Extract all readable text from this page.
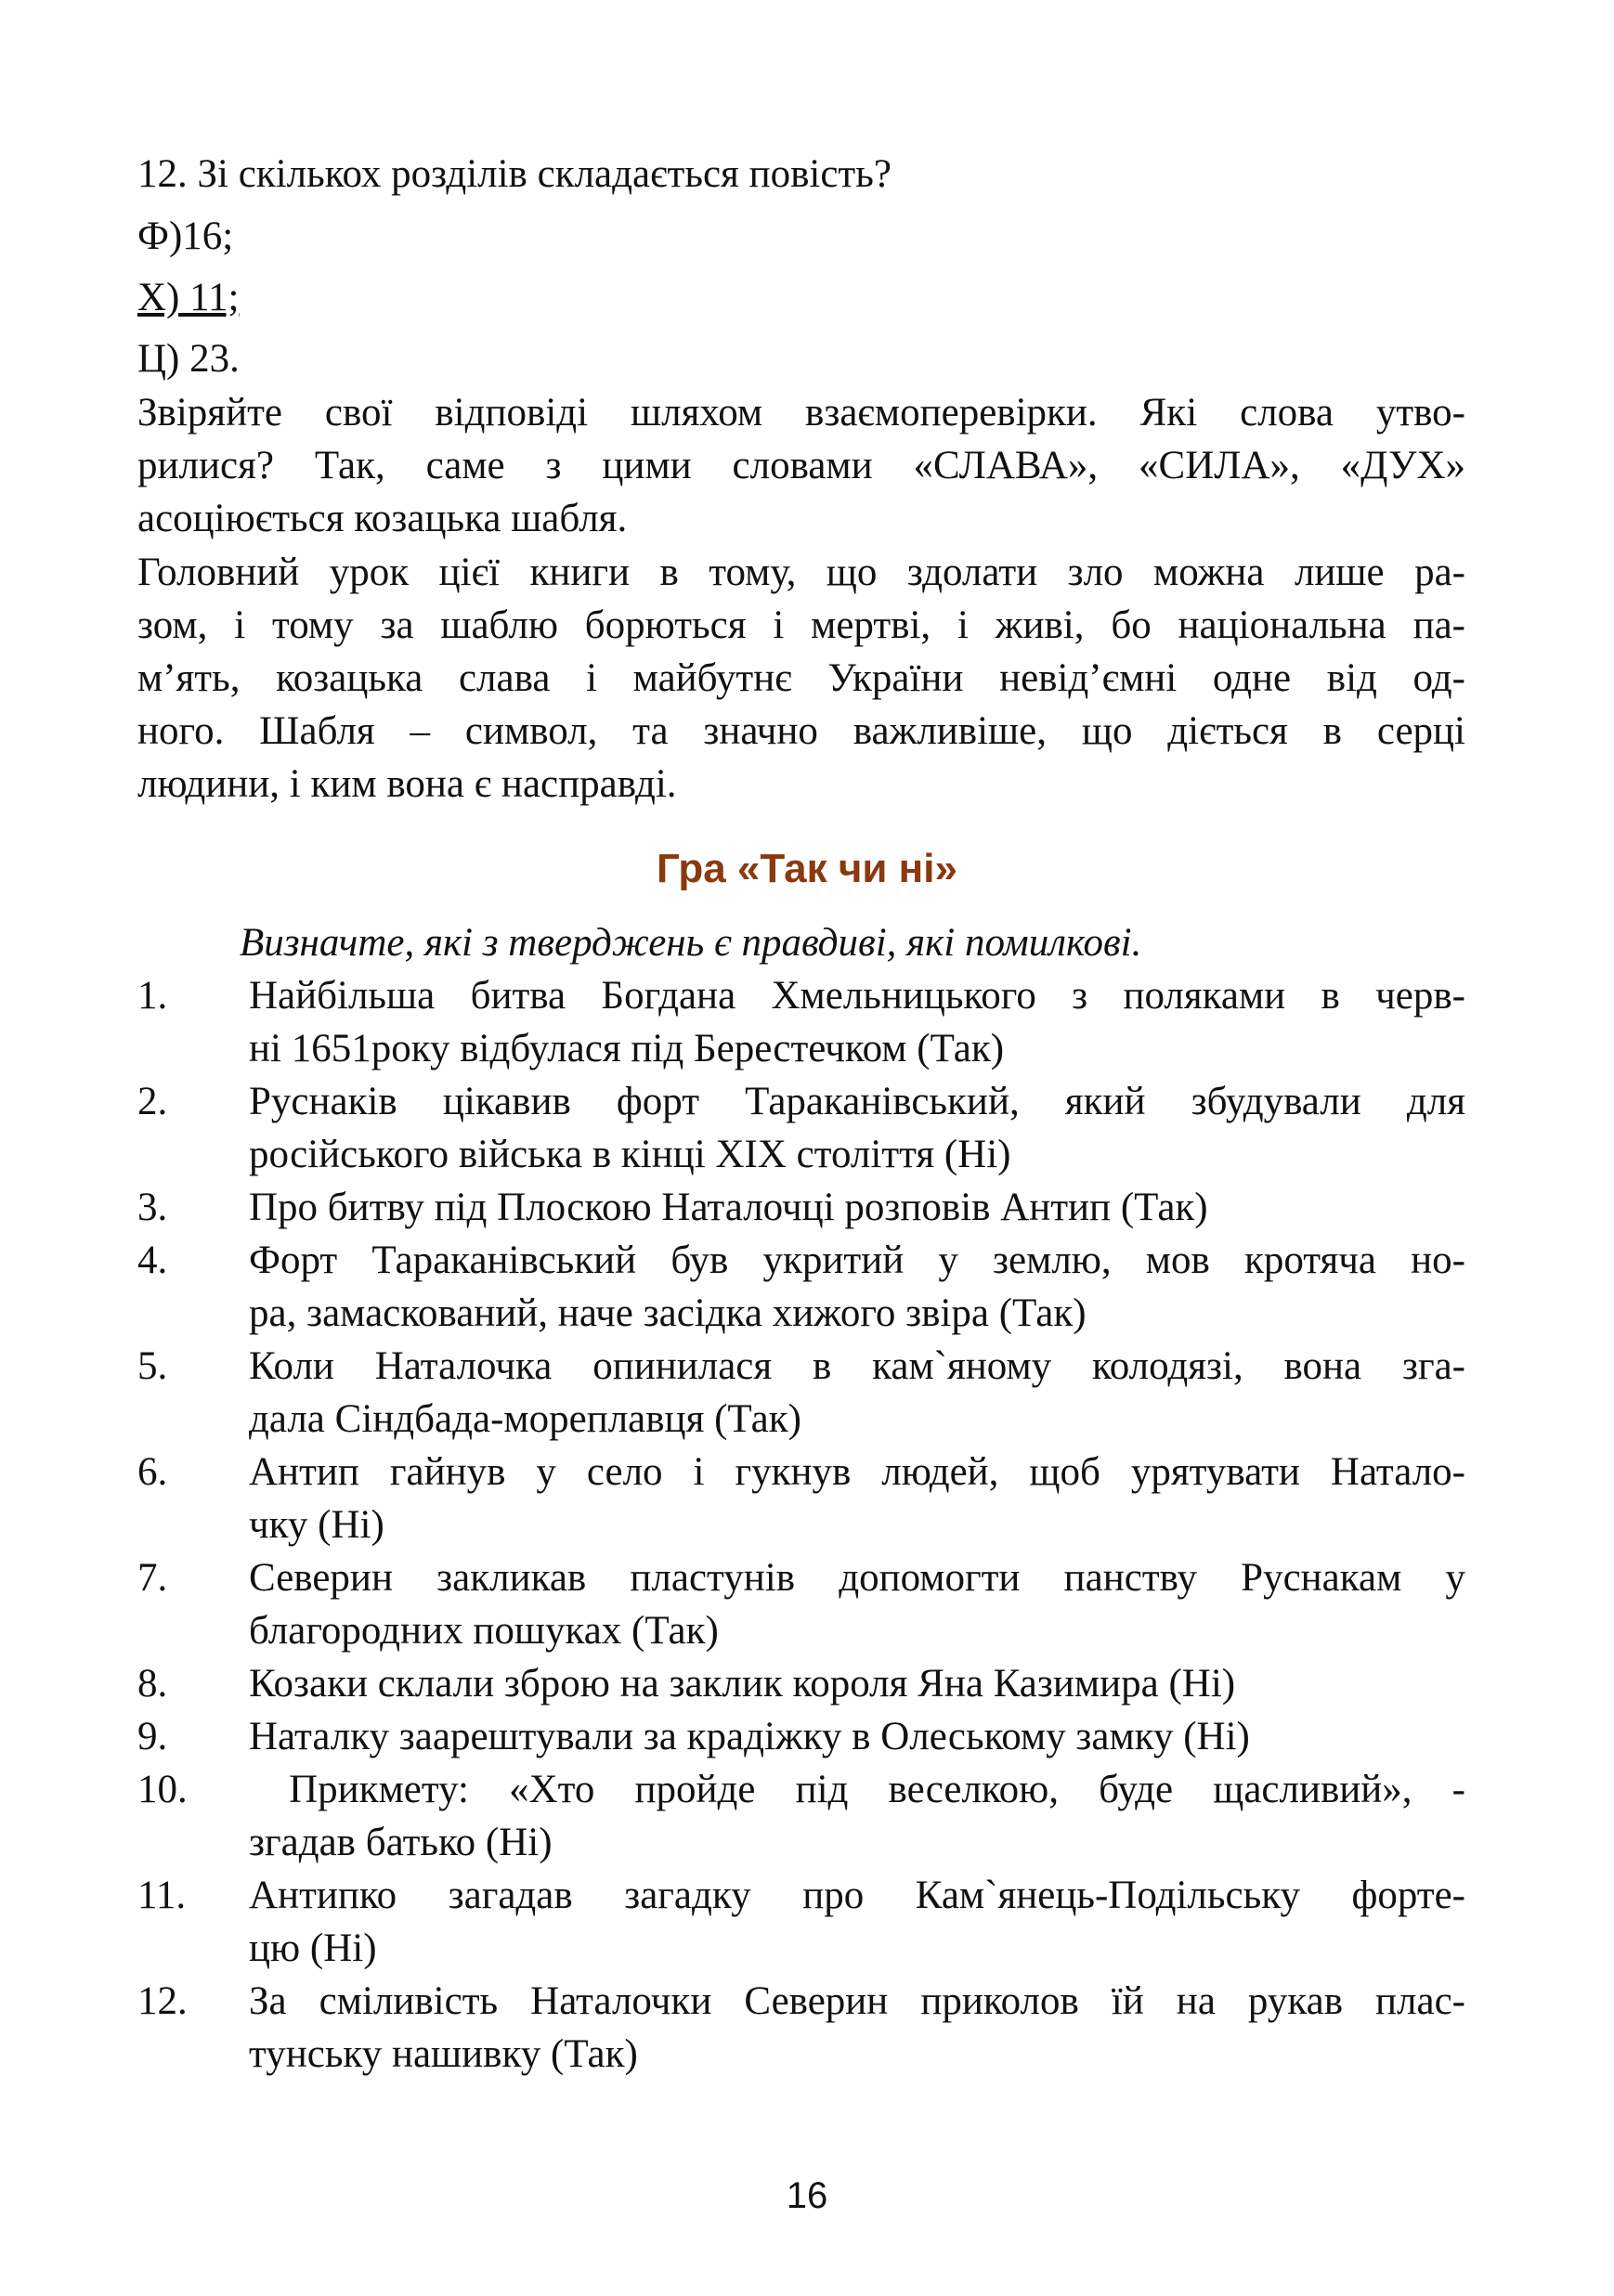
12. Зі скількох розділів складається повість?
Ф)16;
Х) 11;
Ц) 23.
Звіряйте свої відповіді шляхом взаємоперевірки. Які слова утво-
рилися? Так, саме з цими словами «СЛАВА», «СИЛА», «ДУХ»
асоціюється козацька шабля.
Головний урок цієї книги в тому, що здолати зло можна лише ра-
зом, і тому за шаблю борються і мертві, і живі, бо національна па-
м’ять, козацька слава і майбутнє України невід’ємні одне від од-
ного. Шабля – символ, та значно важливіше, що діється в серці
людини, і ким вона є насправді.
Гра «Так чи ні»
Визначте, які з тверджень є правдиві, які помилкові.
1. Найбільша битва Богдана Хмельницького з поляками в черв-
ні 1651року відбулася під Берестечком (Так)
2. Руснаків цікавив форт Тараканівський, який збудували для
російського війська в кінці XIX століття (Ні)
3. Про битву під Плоскою Наталочці розповів Антип (Так)
4. Форт Тараканівський був укритий у землю, мов кротяча но-
ра, замаскований, наче засідка хижого звіра (Так)
5. Коли Наталочка опинилася в кам`яному колодязі, вона зга-
дала Сіндбада-мореплавця (Так)
6. Антип гайнув у село і гукнув людей, щоб урятувати Натало-
чку (Ні)
7. Северин закликав пластунів допомогти панству Руснакам у
благородних пошуках (Так)
8. Козаки склали зброю на заклик короля Яна Казимира (Ні)
9. Наталку заарештували за крадіжку в Олеському замку (Ні)
10. Прикмету: «Хто пройде під веселкою, буде щасливий», -
згадав батько (Ні)
11. Антипко загадав загадку про Кам`янець-Подільську форте-
цю (Ні)
12. За сміливість Наталочки Северин приколов їй на рукав плас-
тунську нашивку (Так)
16
